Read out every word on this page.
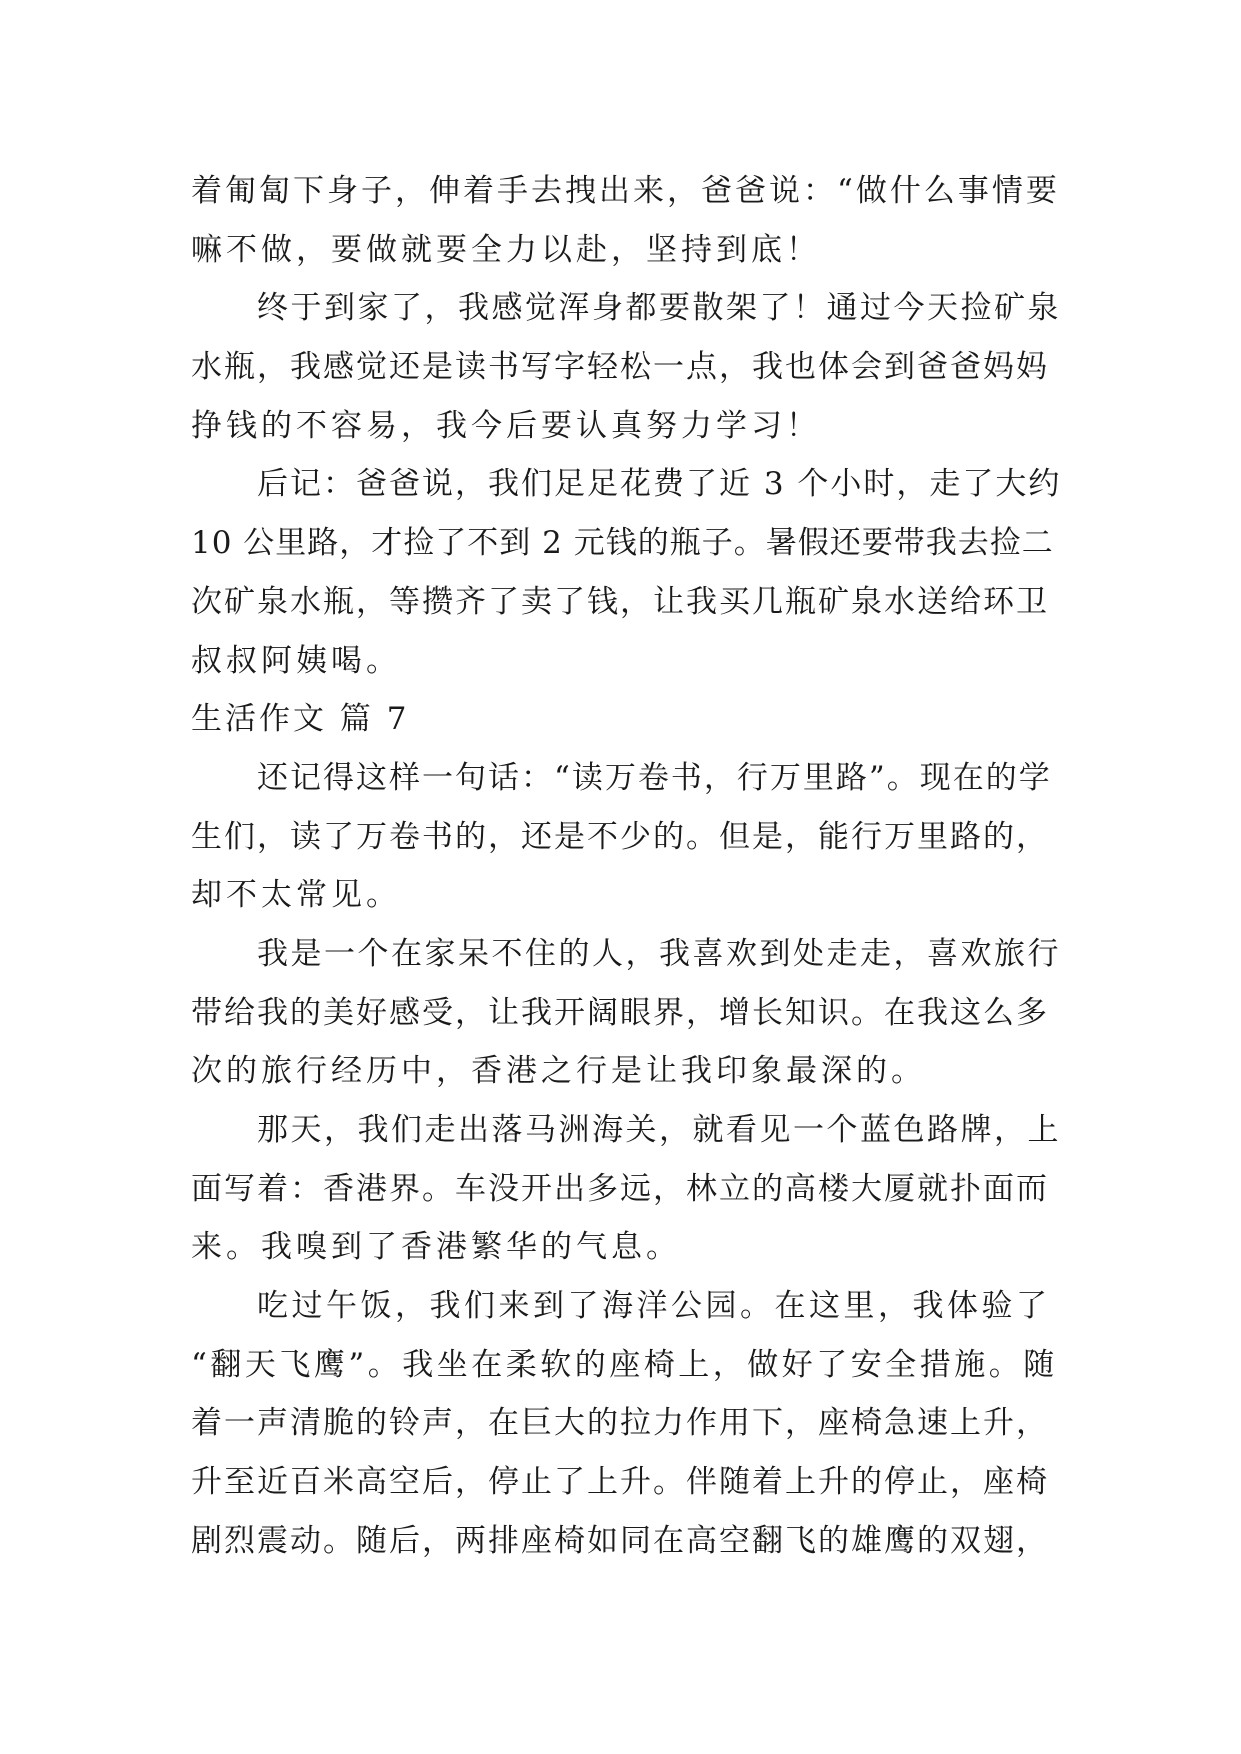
着匍匐下身子，伸着手去拽出来，爸爸说：“做什么事情要
嘛不做，要做就要全力以赴，坚持到底！
终于到家了，我感觉浑身都要散架了！通过今天捡矿泉
水瓶，我感觉还是读书写字轻松一点，我也体会到爸爸妈妈
挣钱的不容易，我今后要认真努力学习！
后记：爸爸说，我们足足花费了近 3 个小时，走了大约
10 公里路，才捡了不到 2 元钱的瓶子。暑假还要带我去捡二
次矿泉水瓶，等攒齐了卖了钱，让我买几瓶矿泉水送给环卫
叔叔阿姨喝。
生活作文 篇 7
还记得这样一句话：“读万卷书，行万里路”。现在的学
生们，读了万卷书的，还是不少的。但是，能行万里路的，
却不太常见。
我是一个在家呆不住的人，我喜欢到处走走，喜欢旅行
带给我的美好感受，让我开阔眼界，增长知识。在我这么多
次的旅行经历中，香港之行是让我印象最深的。
那天，我们走出落马洲海关，就看见一个蓝色路牌，上
面写着：香港界。车没开出多远，林立的高楼大厦就扑面而
来。我嗅到了香港繁华的气息。
吃过午饭，我们来到了海洋公园。在这里，我体验了
“翻天飞鹰”。我坐在柔软的座椅上，做好了安全措施。随
着一声清脆的铃声，在巨大的拉力作用下，座椅急速上升，
升至近百米高空后，停止了上升。伴随着上升的停止，座椅
剧烈震动。随后，两排座椅如同在高空翻飞的雄鹰的双翅，
